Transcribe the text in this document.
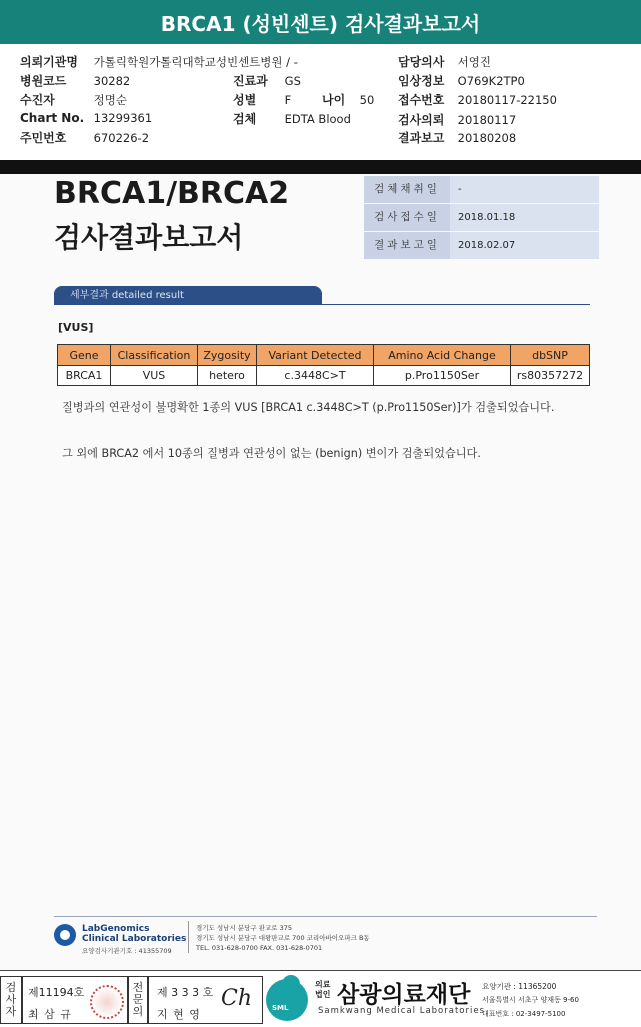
BRCA1 (성빈센트) 검사결과보고서
의뢰기관명 가톨릭학원가톨릭대학교성빈센트병원 / -
병원코드 30282
수진자	정명순
Chart No. 13299361
주민번호 670226-2
진료과 GS
성별 F	나이 50
검체 EDTA Blood
담당의사 서영진
임상정보 O769K2TP0
접수번호 20180117-22150
검사의뢰 20180117
결과보고 20180208
BRCA1/BRCA2
검사결과보고서
검체채취일	-
검사접수일	2018.01.18
결과보고일	2018.02.07
세부결과 detailed result
[VUS]
Gene	Classification	Zygosity	Variant Detected	Amino Acid Change	dbSNP
BRCA1	VUS	hetero	c.3448C>T	p.Pro1150Ser	rs80357272
질병과의 연관성이 불명확한 1종의 VUS [BRCA1 c.3448C>T (p.Pro1150Ser)]가 검출되었습니다.
그 외에 BRCA2 에서 10종의 질병과 연관성이 없는 (benign) 변이가 검출되었습니다.
LabGenomics
Clinical Laboratories
요양검사기관기호 : 41355709
경기도 성남시 분당구 판교로 375
경기도 성남시 분당구 대왕판교로 700 코리아바이오파크 B동
TEL. 031-628-0700 FAX. 031-628-0701
검사자
제11194호
최 삼 규
전문의
제 3 3 3 호
지 현 영
Ch	SML
의료
법인 삼광의료재단
Samkwang Medical Laboratories
요양기관 : 11365200
서울특별시 서초구 양재동 9-60
대표번호 : 02-3497-5100
